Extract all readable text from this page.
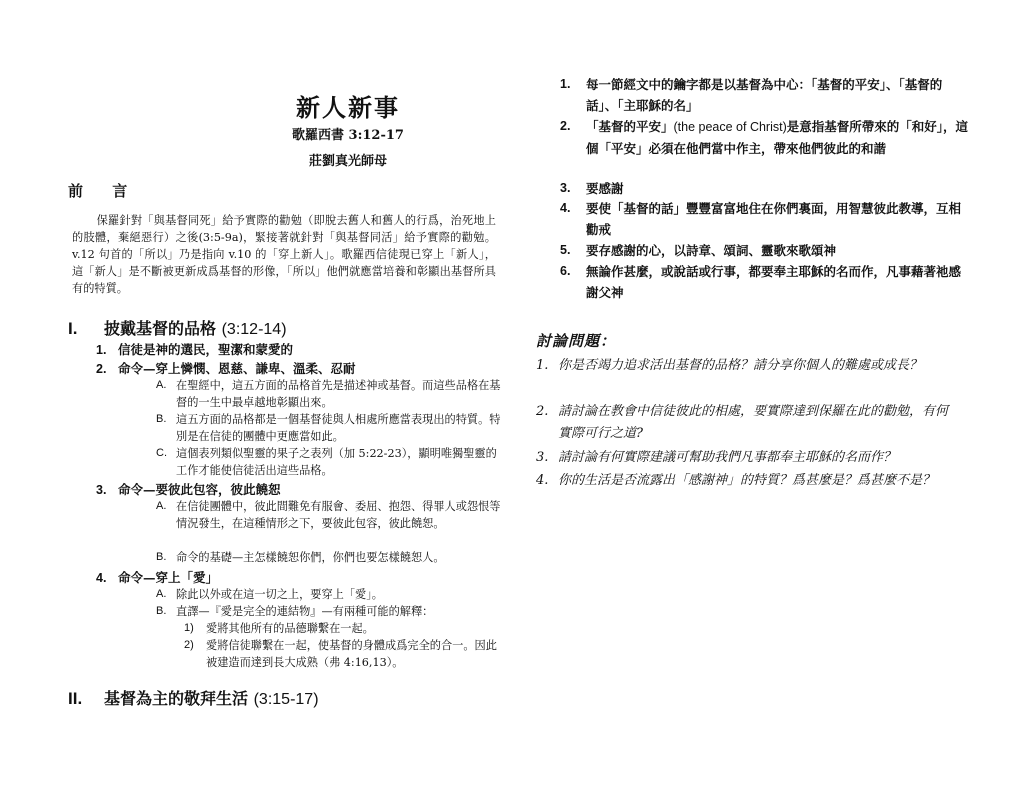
新人新事

歌羅西書 3:12-17

莊劉真光師母

前 言

保羅針對「與基督同死」給予實際的勸勉（即脫去舊人和舊人的行爲，治死地上的肢體，棄絕惡行）之後(3:5-9a)，緊接著就針對「與基督同活」給予實際的勸勉。v.12 句首的「所以」乃是指向 v.10 的「穿上新人」。歌羅西信徒現已穿上「新人」，這「新人」是不斷被更新成爲基督的形像，「所以」他們就應當培養和彰顯出基督所具有的特質。

I. 披戴基督的品格 (3:12-14)

1. 信徒是神的選民，聖潔和蒙愛的

2. 命令—穿上憐憫、恩慈、謙卑、溫柔、忍耐

A. 在聖經中，這五方面的品格首先是描述神或基督。而這些品格在基督的一生中最卓越地彰顯出來。
B. 這五方面的品格都是一個基督徒與人相處所應當表現出的特質。特別是在信徒的團體中更應當如此。
C. 這個表列類似聖靈的果子之表列（加 5:22-23），顯明唯獨聖靈的工作才能使信徒活出這些品格。

3. 命令—要彼此包容，彼此饒恕

A. 在信徒團體中，彼此間難免有服會、委屈、抱怨、得罪人或怨恨等情況發生，在這種情形之下，要彼此包容，彼此饒恕。
B. 命令的基礎—主怎樣饒恕你們，你們也要怎樣饒恕人。

4. 命令—穿上「愛」

A. 除此以外或在這一切之上，要穿上「愛」。
B. 直譯—『愛是完全的連結物』—有兩種可能的解釋：
1) 愛將其他所有的品德聯繫在一起。
2) 愛將信徒聯繫在一起，使基督的身體成爲完全的合一。因此被建造而達到長大成熟（弗 4:16,13）。
II. 基督為主的敬拜生活 (3:15-17)
1. 每一節經文中的鑰字都是以基督為中心：「基督的平安」、「基督的話」、「主耶穌的名」
2. 「基督的平安」(the peace of Christ)是意指基督所帶來的「和好」，這個「平安」必須在他們當中作主，帶來他們彼此的和諧
3. 要感謝
4. 要使「基督的話」豐豐富富地住在你們裏面，用智慧彼此教導，互相勸戒
5. 要存感謝的心，以詩章、頌詞、靈歌來歌頌神
6. 無論作甚麼，或說話或行事，都要奉主耶穌的名而作，凡事藉著祂感謝父神
討論問題：
1. 你是否竭力追求活出基督的品格？請分享你個人的難處或成長？
2. 請討論在教會中信徒彼此的相處，要實際達到保羅在此的勸勉，有何實際可行之道?
3. 請討論有何實際建議可幫助我們凡事都奉主耶穌的名而作？
4. 你的生活是否流露出「感謝神」的特質？爲甚麼是？爲甚麼不是？
